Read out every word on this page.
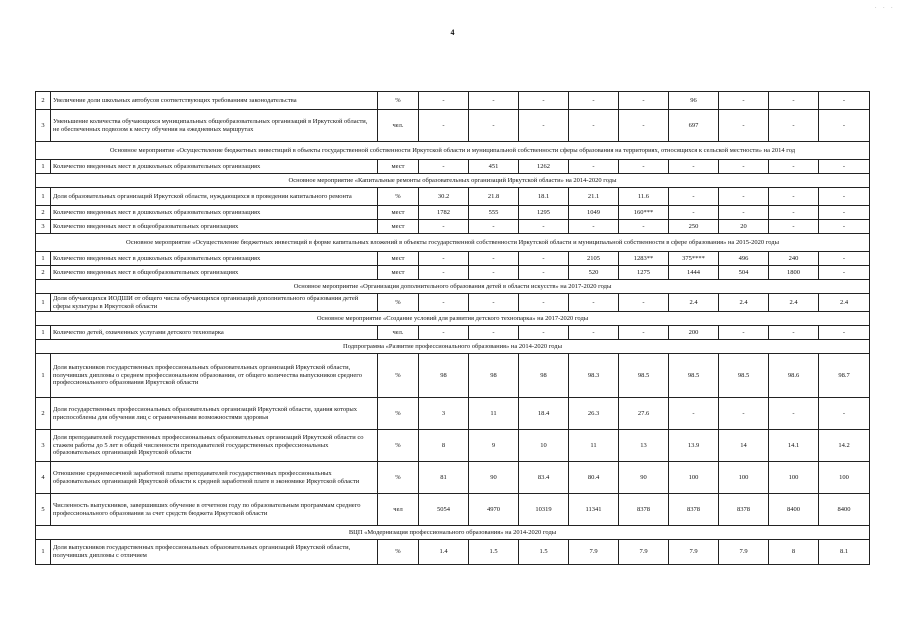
· · ·
4
2	Увеличение доли школьных автобусов соответствующих требованиям законодательства	%	-	-	-	-	-	96	-	-	-
3	Уменьшение количества обучающихся муниципальных общеобразовательных организаций в Иркутской области, не обеспеченных подвозом к месту обучения на ежедневных маршрутах	чел.	-	-	-	-	-	697	-	-	-
Основное мероприятие «Осуществление бюджетных инвестиций в объекты государственной собственности Иркутской области и муниципальной собственности сферы образования на территориях, относящихся к сельской местности» на 2014 год											
1	Количество введенных мест в дошкольных образовательных организациях	мест	-	451	1262	-	-	-	-	-	-
Основное мероприятие «Капитальные ремонты образовательных организаций Иркутской области» на 2014-2020 годы											
1	Доля образовательных организаций Иркутской области, нуждающихся в проведении капитального ремонта	%	30.2	21.8	18.1	21.1	11.6	-	-	-	-
2	Количество введенных мест в дошкольных образовательных организациях	мест	1782	555	1295	1049	160***	-	-	-	-
3	Количество введенных мест в общеобразовательных организациях	мест	-	-	-	-	-	250	20	-	-
Основное мероприятие «Осуществление бюджетных инвестиций в форме капитальных вложений в объекты государственной собственности Иркутской области и муниципальной собственности в сфере образования» на 2015-2020 годы											
1	Количество введенных мест в дошкольных образовательных организациях	мест	-	-	-	2105	1283**	375****	496	240	-
2	Количество введенных мест в общеобразовательных организациях	мест	-	-	-	520	1275	1444	504	1800	-
Основное мероприятие «Организация дополнительного образования детей в области искусств» на 2017-2020 годы											
1	Доля обучающихся ИОДШИ от общего числа обучающихся организаций дополнительного образования детей сферы культуры в Иркутской области	%	-	-	-	-	-	2.4	2.4	2.4	2.4
Основное мероприятие «Создание условий для развития детского технопарка» на 2017-2020 годы											
1	Количество детей, охваченных услугами детского технопарка	чел.	-	-	-	-	-	200	-	-	-
Подпрограмма «Развитие профессионального образования» на 2014-2020 годы											
1	Доля выпускников государственных профессиональных образовательных организаций Иркутской области, получивших дипломы о среднем профессиональном образовании, от общего количества выпускников среднего профессионального образования Иркутской области	%	98	98	98	98.3	98.5	98.5	98.5	98.6	98.7
2	Доля государственных профессиональных образовательных организаций Иркутской области, здания которых приспособлены для обучения лиц с ограниченными возможностями здоровья	%	3	11	18.4	26.3	27.6	-	-	-	-
3	Доля преподавателей государственных профессиональных образовательных организаций Иркутской области со стажем работы до 5 лет в общей численности преподавателей государственных профессиональных образовательных организаций Иркутской области	%	8	9	10	11	13	13.9	14	14.1	14.2
4	Отношение среднемесячной заработной платы преподавателей государственных профессиональных образовательных организаций Иркутской области к средней заработной плате в экономике Иркутской области	%	81	90	83.4	80.4	90	100	100	100	100
5	Численность выпускников, завершивших обучение в отчетном году по образовательным программам среднего профессионального образования за счет средств бюджета Иркутской области	чел	5054	4970	10319	11341	8378	8378	8378	8400	8400
ВЦП «Модернизация профессионального образования» на 2014-2020 годы											
1	Доля выпускников государственных профессиональных образовательных организаций Иркутской области, получивших дипломы с отличием	%	1.4	1.5	1.5	7.9	7.9	7.9	7.9	8	8.1
